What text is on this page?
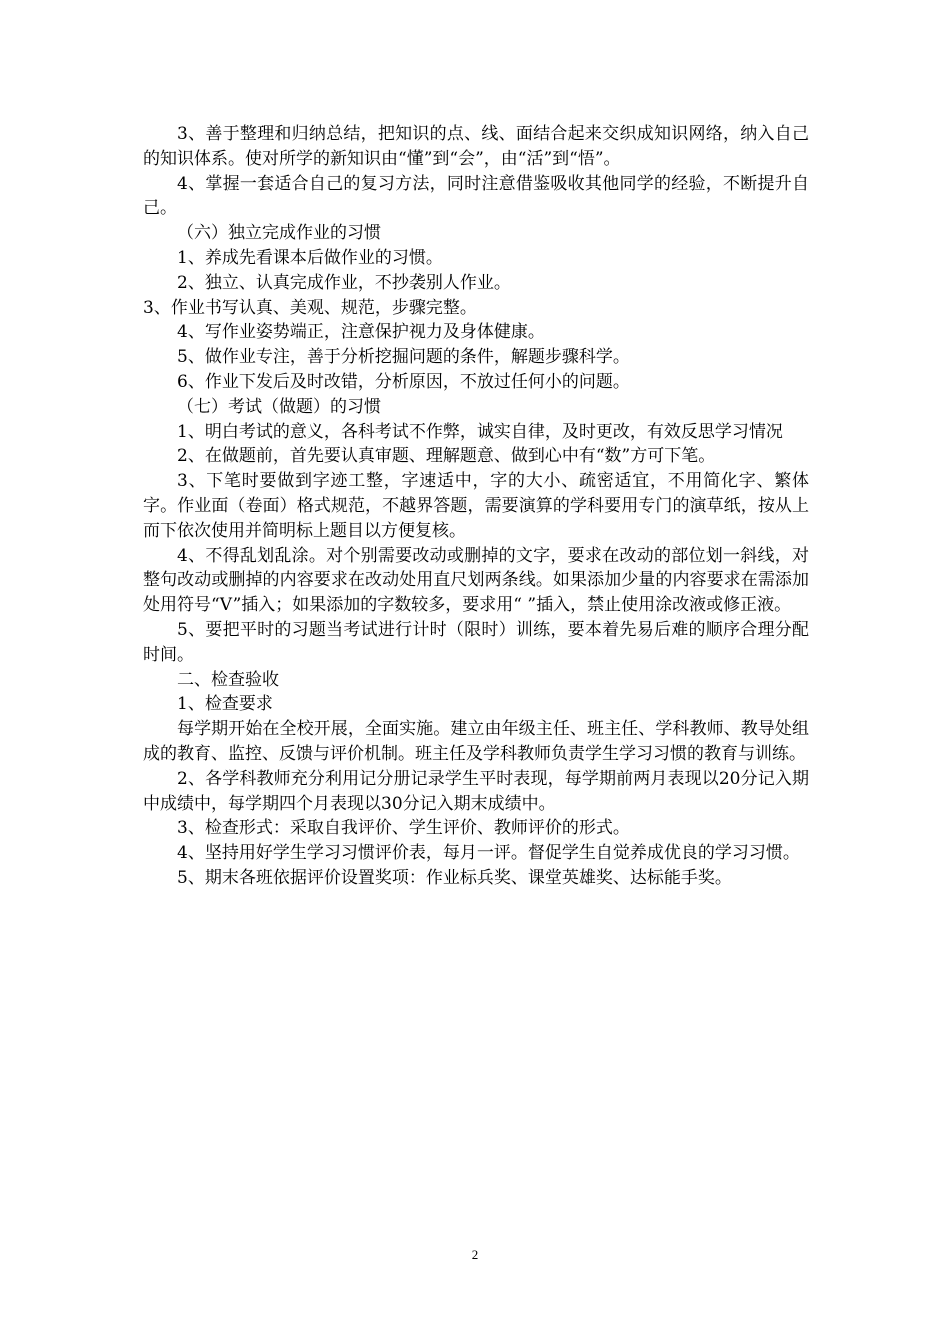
3、善于整理和归纳总结，把知识的点、线、面结合起来交织成知识网络，纳入自己的知识体系。使对所学的新知识由“懂”到“会”，由“活”到“悟”。

4、掌握一套适合自己的复习方法，同时注意借鉴吸收其他同学的经验，不断提升自己。

（六）独立完成作业的习惯

1、养成先看课本后做作业的习惯。

2、独立、认真完成作业，不抄袭别人作业。

3、作业书写认真、美观、规范，步骤完整。

4、写作业姿势端正，注意保护视力及身体健康。

5、做作业专注，善于分析挖掘问题的条件，解题步骤科学。

6、作业下发后及时改错，分析原因，不放过任何小的问题。

（七）考试（做题）的习惯

1、明白考试的意义，各科考试不作弊，诚实自律，及时更改，有效反思学习情况

2、在做题前，首先要认真审题、理解题意、做到心中有“数”方可下笔。

3、下笔时要做到字迹工整，字速适中，字的大小、疏密适宜，不用简化字、繁体字。作业面（卷面）格式规范，不越界答题，需要演算的学科要用专门的演草纸，按从上而下依次使用并简明标上题目以方便复核。

4、不得乱划乱涂。对个别需要改动或删掉的文字，要求在改动的部位划一斜线，对整句改动或删掉的内容要求在改动处用直尺划两条线。如果添加少量的内容要求在需添加处用符号“V”插入；如果添加的字数较多，要求用“ ”插入，禁止使用涂改液或修正液。

5、要把平时的习题当考试进行计时（限时）训练，要本着先易后难的顺序合理分配时间。

二、检查验收

1、检查要求

每学期开始在全校开展，全面实施。建立由年级主任、班主任、学科教师、教导处组成的教育、监控、反馈与评价机制。班主任及学科教师负责学生学习习惯的教育与训练。

2、各学科教师充分利用记分册记录学生平时表现，每学期前两月表现以20分记入期中成绩中，每学期四个月表现以30分记入期末成绩中。

3、检查形式：采取自我评价、学生评价、教师评价的形式。

4、坚持用好学生学习习惯评价表，每月一评。督促学生自觉养成优良的学习习惯。

5、期末各班依据评价设置奖项：作业标兵奖、课堂英雄奖、达标能手奖。

2
